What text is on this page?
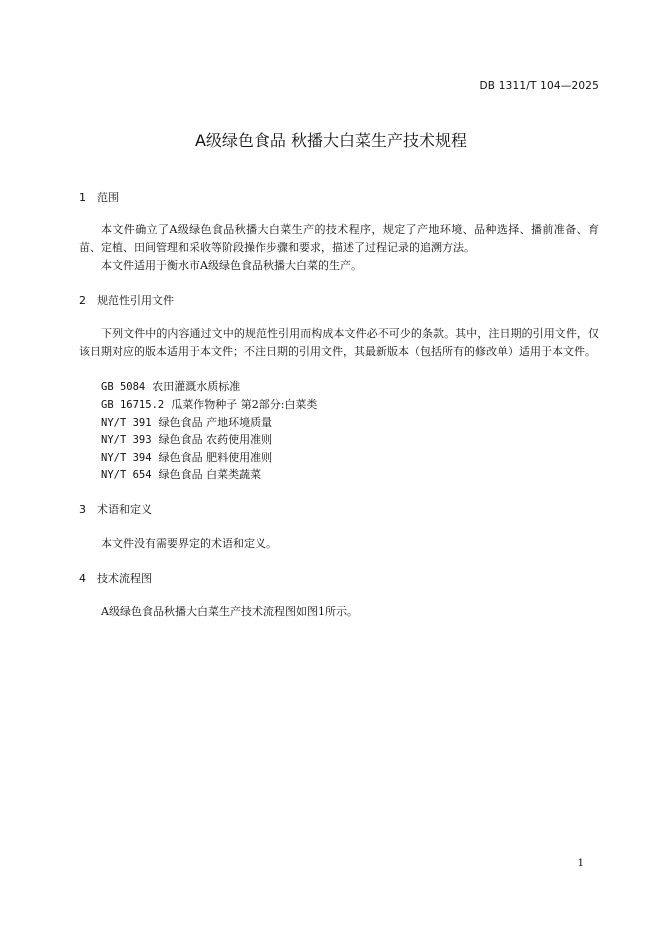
DB 1311/T 104—2025
A级绿色食品 秋播大白菜生产技术规程
1 范围
本文件确立了A级绿色食品秋播大白菜生产的技术程序，规定了产地环境、品种选择、播前准备、育苗、定植、田间管理和采收等阶段操作步骤和要求，描述了过程记录的追溯方法。
本文件适用于衡水市A级绿色食品秋播大白菜的生产。
2 规范性引用文件
下列文件中的内容通过文中的规范性引用而构成本文件必不可少的条款。其中，注日期的引用文件，仅该日期对应的版本适用于本文件；不注日期的引用文件，其最新版本（包括所有的修改单）适用于本文件。
GB 5084 农田灌溉水质标准
GB 16715.2 瓜菜作物种子 第2部分:白菜类
NY/T 391 绿色食品 产地环境质量
NY/T 393 绿色食品 农药使用准则
NY/T 394 绿色食品 肥料使用准则
NY/T 654 绿色食品 白菜类蔬菜
3 术语和定义
本文件没有需要界定的术语和定义。
4 技术流程图
A级绿色食品秋播大白菜生产技术流程图如图1所示。
1
